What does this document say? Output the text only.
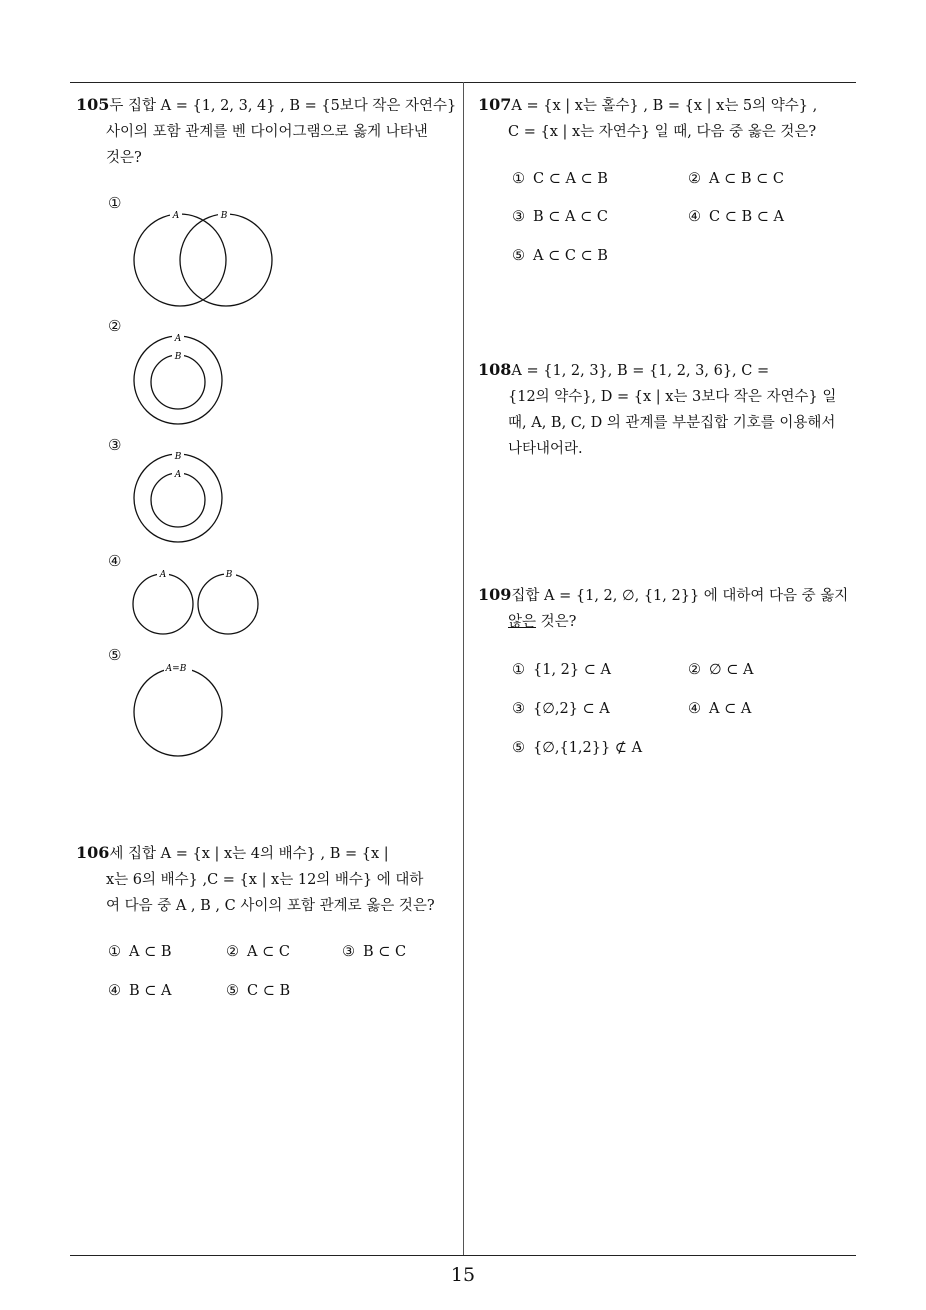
15
105두 집합 A = {1, 2, 3, 4} , B = {5보다 작은 자연수}
사이의 포함 관계를 벤 다이어그램으로 옳게 나타낸
것은?
①
A	B
②
A
B
③
B
A
④
A	B
⑤
A=B
106세 집합 A = {x | x는 4의 배수} , B = {x |
x는 6의 배수} ,C = {x | x는 12의 배수} 에 대하
여 다음 중 A , B , C 사이의 포함 관계로 옳은 것은?
① A ⊂ B	② A ⊂ C	③ B ⊂ C
④ B ⊂ A	⑤ C ⊂ B
107A = {x | x는 홀수} , B = {x | x는 5의 약수} ,
C = {x | x는 자연수} 일 때, 다음 중 옳은 것은?
① C ⊂ A ⊂ B	② A ⊂ B ⊂ C
③ B ⊂ A ⊂ C	④ C ⊂ B ⊂ A
⑤ A ⊂ C ⊂ B
108A = {1, 2, 3}, B = {1, 2, 3, 6}, C =
{12의 약수}, D = {x | x는 3보다 작은 자연수} 일
때, A, B, C, D 의 관계를 부분집합 기호를 이용해서
나타내어라.
109집합 A = {1, 2, ∅, {1, 2}} 에 대하여 다음 중 옳지
않은 것은?
① {1, 2} ⊂ A	② ∅ ⊂ A
③ {∅,2} ⊂ A	④ A ⊂ A
⑤ {∅,{1,2}} ⊄ A
